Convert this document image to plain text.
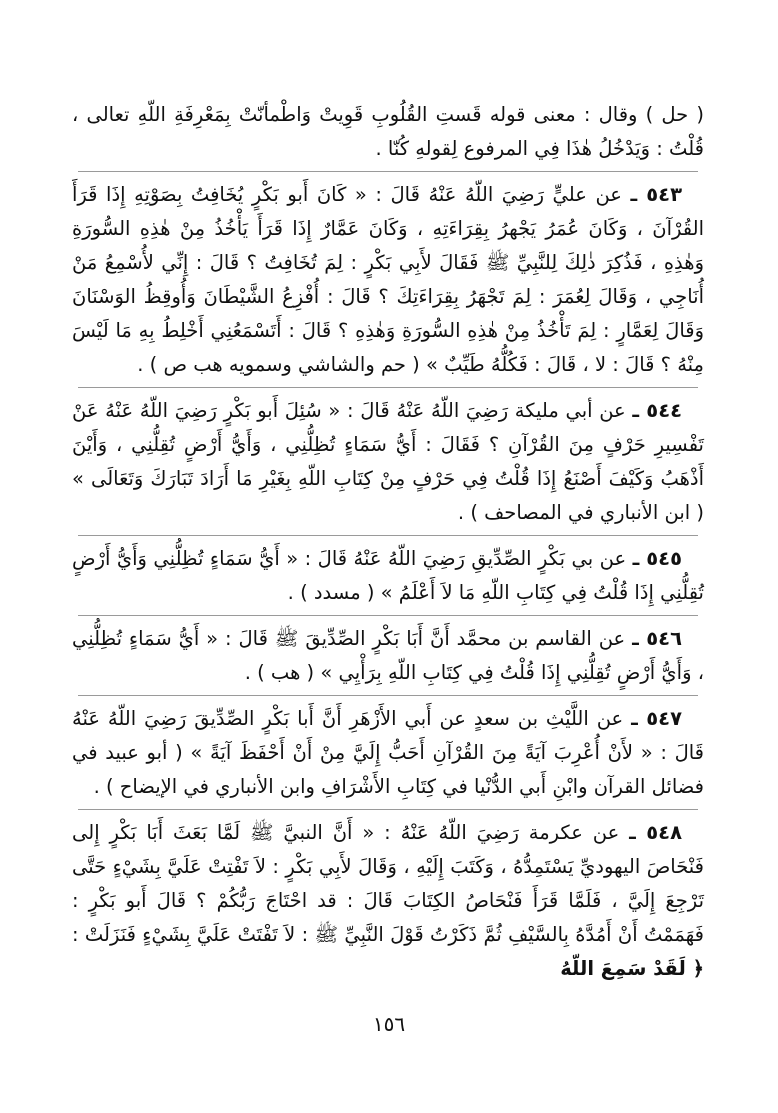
( حل ) وقال : معنى قوله قَستِ القُلُوبِ قَوِيتْ وَاطْمأنّتْ بِمَعْرِفَةِ اللّهِ تعالى ، قُلْتُ : وَيَدْخُلُ هٰذَا فِي المرفوع لِقولهِ كُنّا .

٥٤٣ ـ عن عليٍّ رَضِيَ اللّهُ عَنْهُ قَالَ : « كَانَ أَبو بَكْرٍ يُخَافِتُ بِصَوْتِهِ إِذَا قَرَأَ القُرْآنَ ، وَكَانَ عُمَرُ يَجْهرُ بِقِرَاءَتِهِ ، وَكَانَ عَمَّارٌ إِذَا قَرَأَ يَأْخُذُ مِنْ هٰذِهِ السُّورَةِ وَهٰذِهِ ، فَذُكِرَ ذٰلِكَ لِلنَّبِيِّ ﷺ فَقَالَ لأَبِي بَكْرٍ : لِمَ تُخَافِتُ ؟ قَالَ : إِنِّي لأُسْمِعُ مَنْ أُنَاجِي ، وَقَالَ لِعُمَرَ : لِمَ تَجْهَرُ بِقِرَاءَتِكَ ؟ قَالَ : أُفْزِعُ الشَّيْطَانَ وَأُوقِظُ الوَسْنَانَ وَقَالَ لِعَمَّارٍ : لِمَ تَأْخُذُ مِنْ هٰذِهِ السُّورَةِ وَهٰذِهِ ؟ قَالَ : أَتَسْمَعُنِي أَخْلِطُ بِهِ مَا لَيْسَ مِنْهُ ؟ قَالَ : لا ، قَالَ : فَكُلُّهُ طَيِّبٌ » ( حم والشاشي وسمويه هب ص ) .

٥٤٤ ـ عن أبي مليكة رَضِيَ اللّهُ عَنْهُ قَالَ : « سُئِلَ أَبو بَكْرٍ رَضِيَ اللّهُ عَنْهُ عَنْ تَفْسِيرِ حَرْفٍ مِنَ القُرْآنِ ؟ فَقَالَ : أَيُّ سَمَاءٍ تُظِلُّنِي ، وَأَيُّ أَرْضٍ تُقِلُّنِي ، وَأَيْنَ أَذْهَبُ وَكَيْفَ أَصْنَعُ إِذَا قُلْتُ فِي حَرْفٍ مِنْ كِتَابِ اللّهِ بِغَيْرِ مَا أَرَادَ تَبَارَكَ وَتَعَالَى » ( ابن الأنباري في المصاحف ) .

٥٤٥ ـ عن بي بَكْرٍ الصِّدِّيقِ رَضِيَ اللّهُ عَنْهُ قَالَ : « أَيُّ سَمَاءٍ تُظِلُّنِي وَأَيُّ أَرْضٍ تُقِلُّنِي إِذَا قُلْتُ فِي كِتَابِ اللّهِ مَا لاَ أَعْلَمُ » ( مسدد ) .

٥٤٦ ـ عن القاسم بن محمَّد أَنَّ أَبَا بَكْرٍ الصِّدِّيقَ ﷺ قَالَ : « أَيُّ سَمَاءٍ تُظِلُّنِي ، وَأَيُّ أَرْضٍ تُقِلُّنِي إِذَا قُلْتُ فِي كِتَابِ اللّهِ بِرَأْيِي » ( هب ) .

٥٤٧ ـ عن اللَّيْثِ بن سعدٍ عن أَبي الأَزْهَرِ أَنَّ أَبا بَكْرٍ الصِّدِّيقَ رَضِيَ اللّهُ عَنْهُ قَالَ : « لأَنْ أُعْرِبَ آيَةً مِنَ القُرْآنِ أَحَبُّ إِلَيَّ مِنْ أَنْ أَحْفَظَ آيَةً » ( أبو عبيد في فضائل القرآن وابْنِ أَبي الدُّنْيا في كِتَابِ الأَشْرَافِ وابن الأنباري في الإيضاح ) .

٥٤٨ ـ عن عكرمة رَضِيَ اللّهُ عَنْهُ : « أَنَّ النبيَّ ﷺ لَمَّا بَعَثَ أَبَا بَكْرٍ إِلى فَنْحَاصَ اليهوديِّ يَسْتَمِدُّهُ ، وَكَتَبَ إِلَيْهِ ، وَقَالَ لأَبِي بَكْرٍ : لاَ تَفْتِتْ عَلَيَّ بِشَيْءٍ حَتَّى تَرْجِعَ إِلَيَّ ، فَلَمَّا قَرَأَ فَنْحَاصُ الكِتَابَ قَالَ : قد احْتَاجَ رَبُّكُمْ ؟ قَالَ أَبو بَكْرٍ : فَهَمَمْتُ أَنْ أَمُدَّهُ بِالسَّيْفِ ثُمَّ ذَكَرْتُ قَوْلَ النَّبِيِّ ﷺ : لاَ تَفْتَتْ عَلَيَّ بِشَيْءٍ فَنَزَلَتْ : ﴿ لَقَدْ سَمِعَ اللّهُ

١٥٦
